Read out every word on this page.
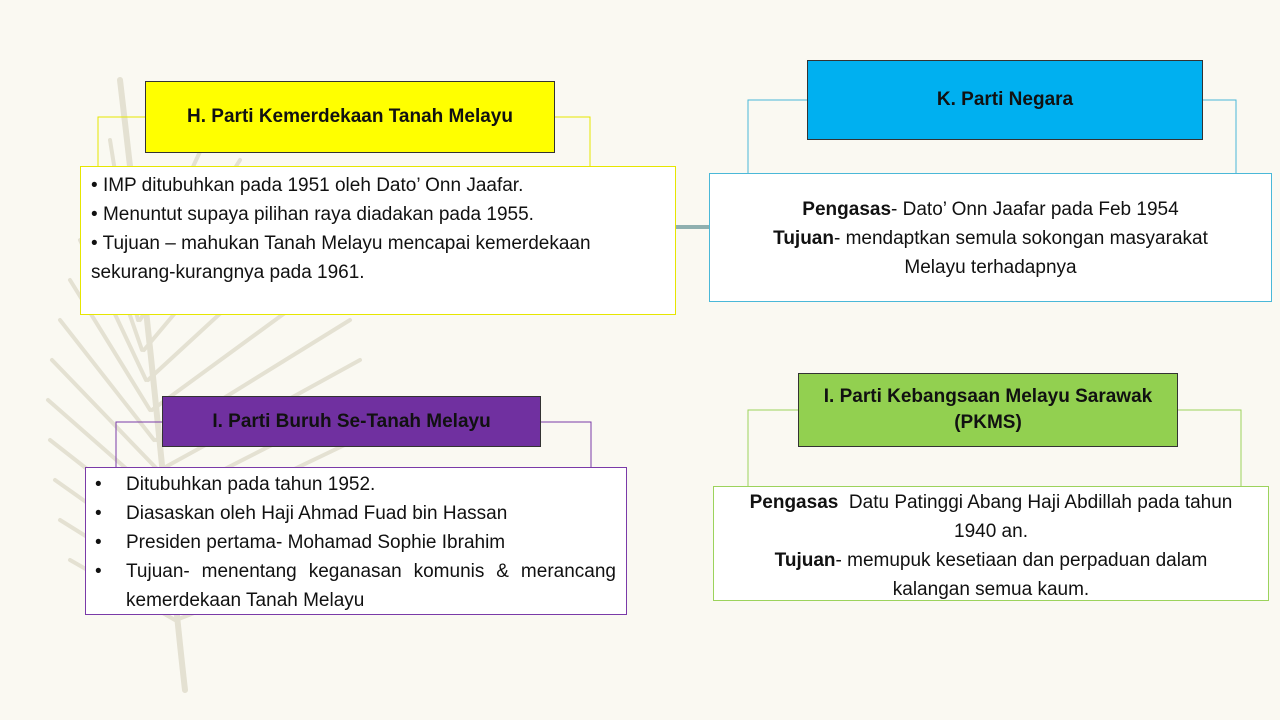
H. Parti Kemerdekaan Tanah Melayu
• IMP ditubuhkan pada 1951 oleh Dato’ Onn Jaafar.
• Menuntut supaya pilihan raya diadakan pada 1955.
• Tujuan – mahukan Tanah Melayu mencapai kemerdekaan
sekurang-kurangnya pada 1961.
K. Parti Negara
Pengasas- Dato’ Onn Jaafar pada Feb 1954
Tujuan- mendaptkan semula sokongan masyarakat Melayu terhadapnya
I. Parti Buruh Se-Tanah Melayu
• Ditubuhkan pada tahun 1952.
• Diasaskan oleh Haji Ahmad Fuad bin Hassan
• Presiden pertama- Mohamad Sophie Ibrahim
• Tujuan- menentang keganasan komunis & merancang kemerdekaan Tanah Melayu
I. Parti Kebangsaan Melayu Sarawak (PKMS)
Pengasas Datu Patinggi Abang Haji Abdillah pada tahun 1940 an.
Tujuan- memupuk kesetiaan dan perpaduan dalam kalangan semua kaum.
